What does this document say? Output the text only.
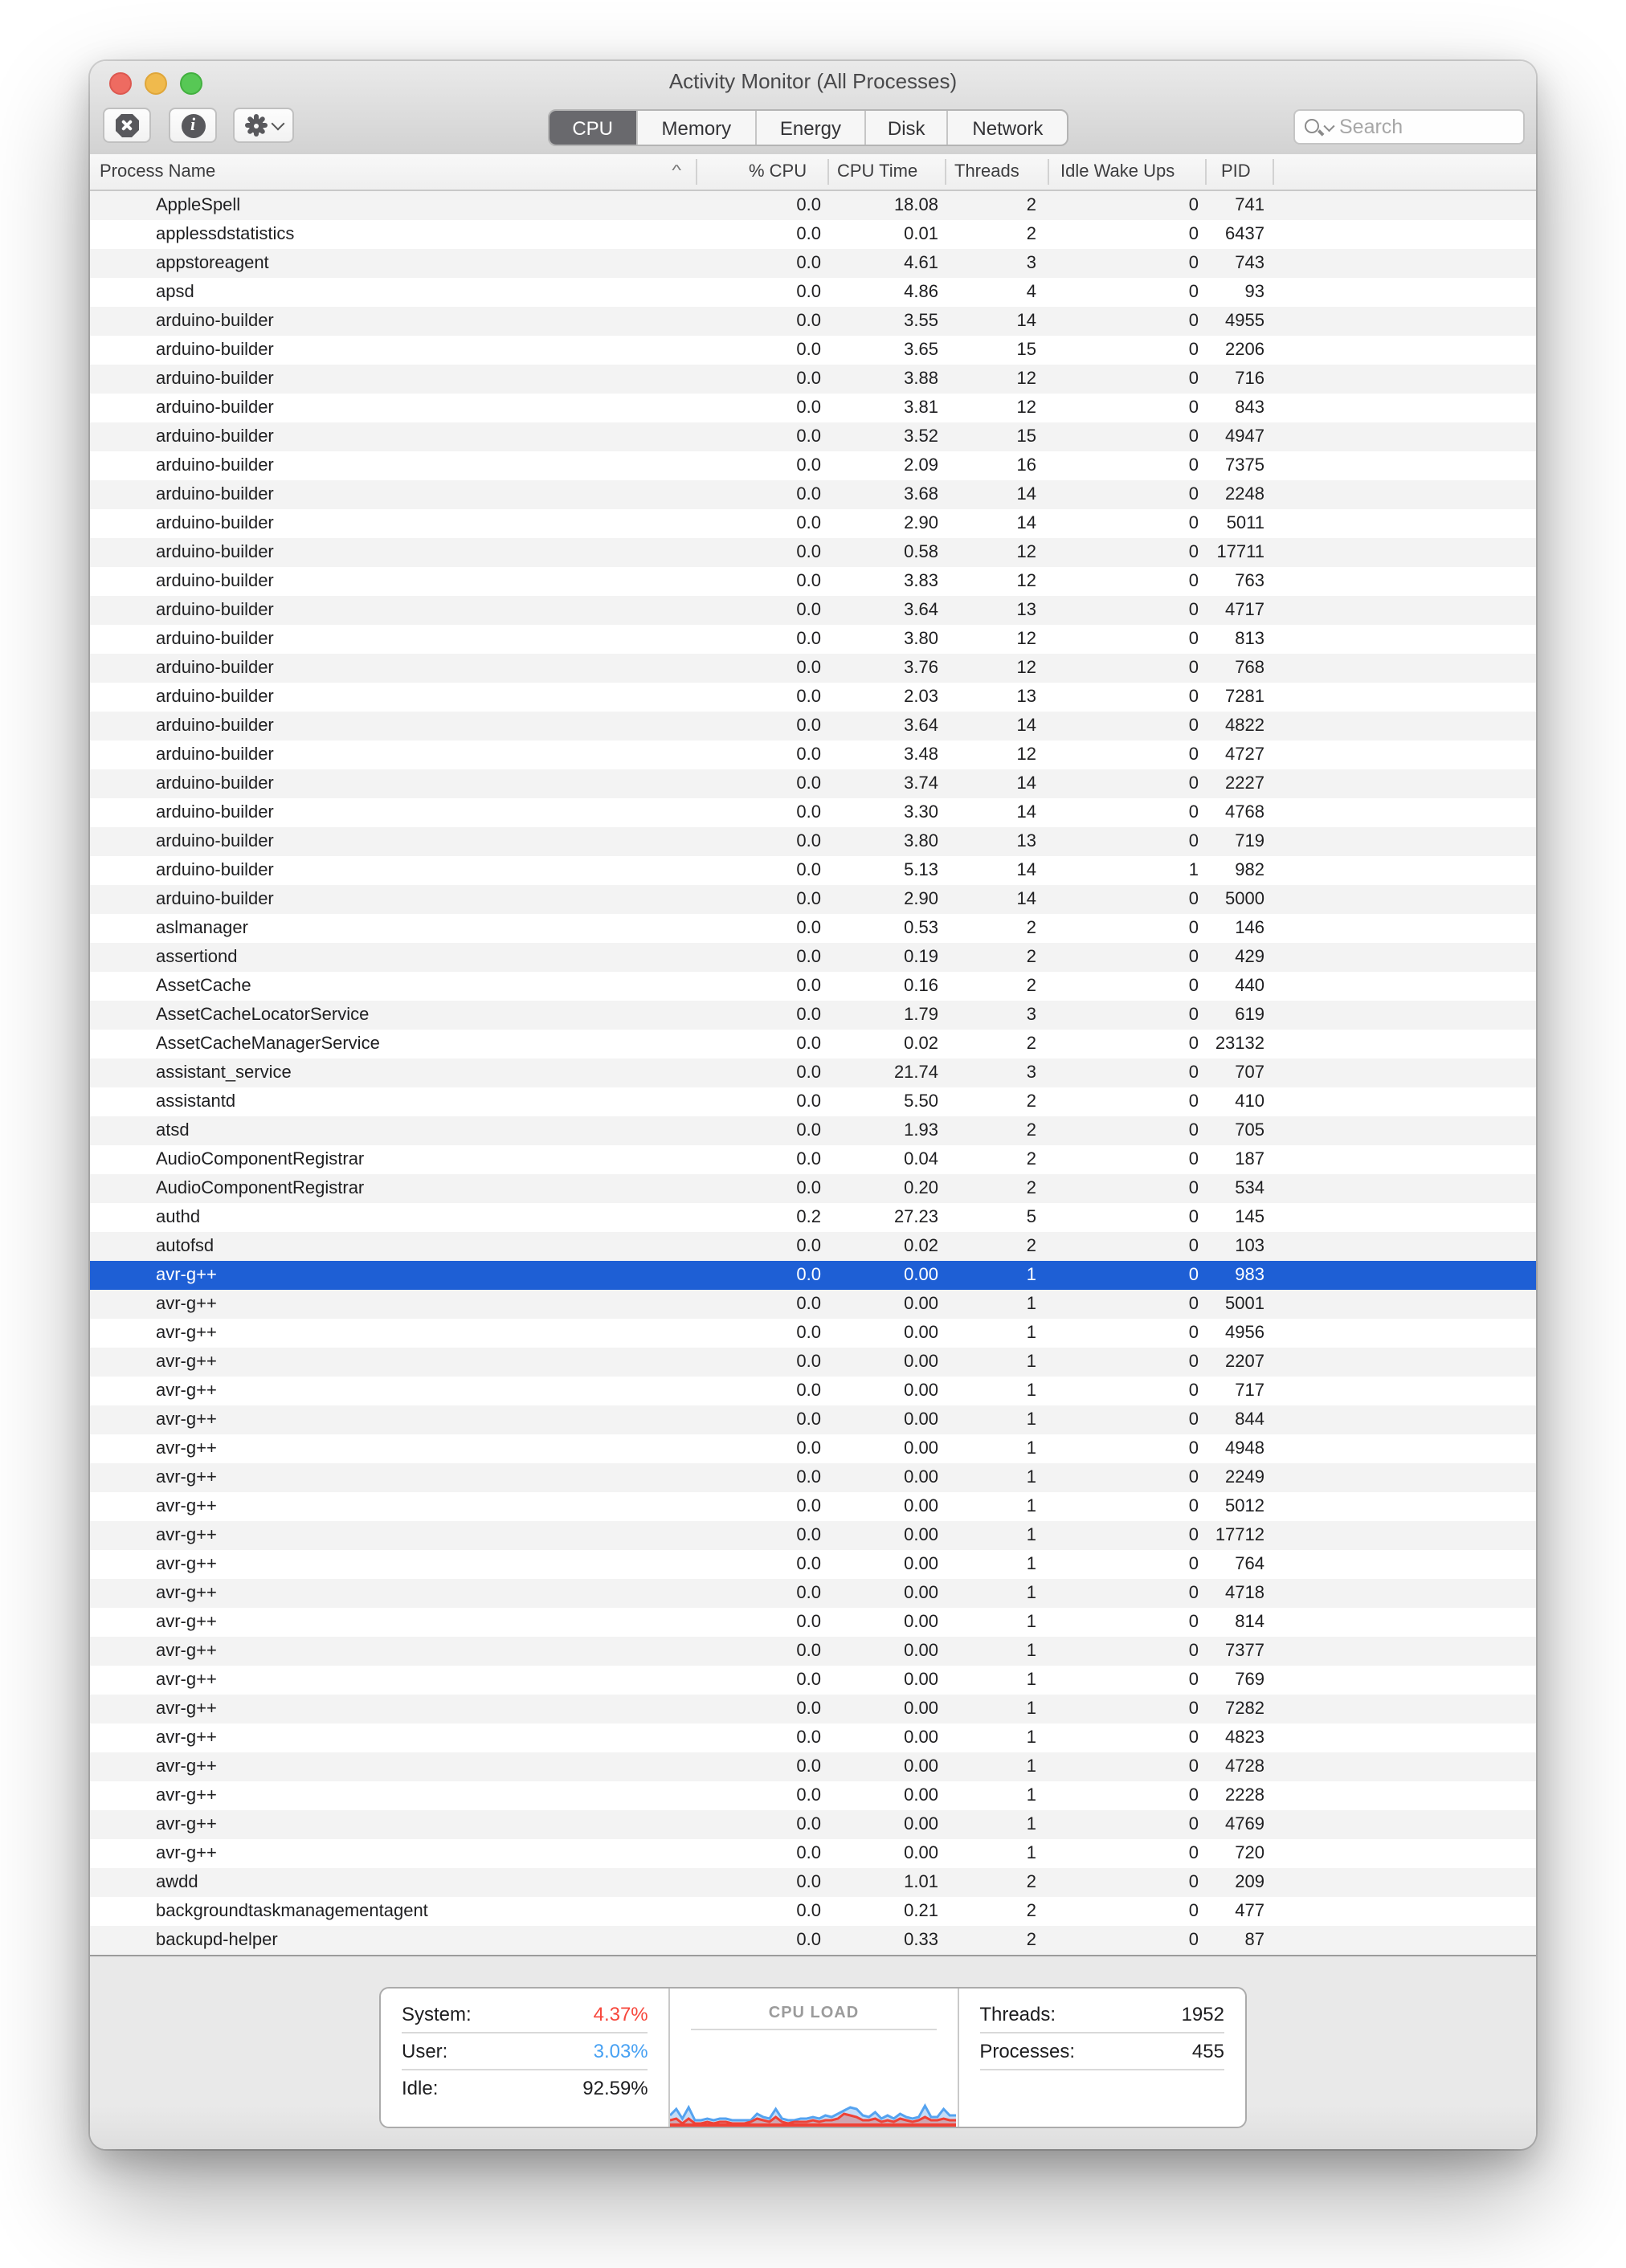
Activity Monitor (All Processes)
i	CPU	Memory	Energy	Disk	Network	Search
Process Name	^	% CPU	CPU Time	Threads	Idle Wake Ups	PID
AppleSpell	0.0	18.08	2	0	741
applessdstatistics	0.0	0.01	2	0	6437
appstoreagent	0.0	4.61	3	0	743
apsd	0.0	4.86	4	0	93
arduino-builder	0.0	3.55	14	0	4955
arduino-builder	0.0	3.65	15	0	2206
arduino-builder	0.0	3.88	12	0	716
arduino-builder	0.0	3.81	12	0	843
arduino-builder	0.0	3.52	15	0	4947
arduino-builder	0.0	2.09	16	0	7375
arduino-builder	0.0	3.68	14	0	2248
arduino-builder	0.0	2.90	14	0	5011
arduino-builder	0.0	0.58	12	0	17711
arduino-builder	0.0	3.83	12	0	763
arduino-builder	0.0	3.64	13	0	4717
arduino-builder	0.0	3.80	12	0	813
arduino-builder	0.0	3.76	12	0	768
arduino-builder	0.0	2.03	13	0	7281
arduino-builder	0.0	3.64	14	0	4822
arduino-builder	0.0	3.48	12	0	4727
arduino-builder	0.0	3.74	14	0	2227
arduino-builder	0.0	3.30	14	0	4768
arduino-builder	0.0	3.80	13	0	719
arduino-builder	0.0	5.13	14	1	982
arduino-builder	0.0	2.90	14	0	5000
aslmanager	0.0	0.53	2	0	146
assertiond	0.0	0.19	2	0	429
AssetCache	0.0	0.16	2	0	440
AssetCacheLocatorService	0.0	1.79	3	0	619
AssetCacheManagerService	0.0	0.02	2	0	23132
assistant_service	0.0	21.74	3	0	707
assistantd	0.0	5.50	2	0	410
atsd	0.0	1.93	2	0	705
AudioComponentRegistrar	0.0	0.04	2	0	187
AudioComponentRegistrar	0.0	0.20	2	0	534
authd	0.2	27.23	5	0	145
autofsd	0.0	0.02	2	0	103
avr-g++	0.0	0.00	1	0	983
avr-g++	0.0	0.00	1	0	5001
avr-g++	0.0	0.00	1	0	4956
avr-g++	0.0	0.00	1	0	2207
avr-g++	0.0	0.00	1	0	717
avr-g++	0.0	0.00	1	0	844
avr-g++	0.0	0.00	1	0	4948
avr-g++	0.0	0.00	1	0	2249
avr-g++	0.0	0.00	1	0	5012
avr-g++	0.0	0.00	1	0	17712
avr-g++	0.0	0.00	1	0	764
avr-g++	0.0	0.00	1	0	4718
avr-g++	0.0	0.00	1	0	814
avr-g++	0.0	0.00	1	0	7377
avr-g++	0.0	0.00	1	0	769
avr-g++	0.0	0.00	1	0	7282
avr-g++	0.0	0.00	1	0	4823
avr-g++	0.0	0.00	1	0	4728
avr-g++	0.0	0.00	1	0	2228
avr-g++	0.0	0.00	1	0	4769
avr-g++	0.0	0.00	1	0	720
awdd	0.0	1.01	2	0	209
backgroundtaskmanagementagent	0.0	0.21	2	0	477
backupd-helper	0.0	0.33	2	0	87
System:	4.37%
User:	3.03%
Idle:	92.59%
CPU LOAD	Threads:	1952
Processes:	455
